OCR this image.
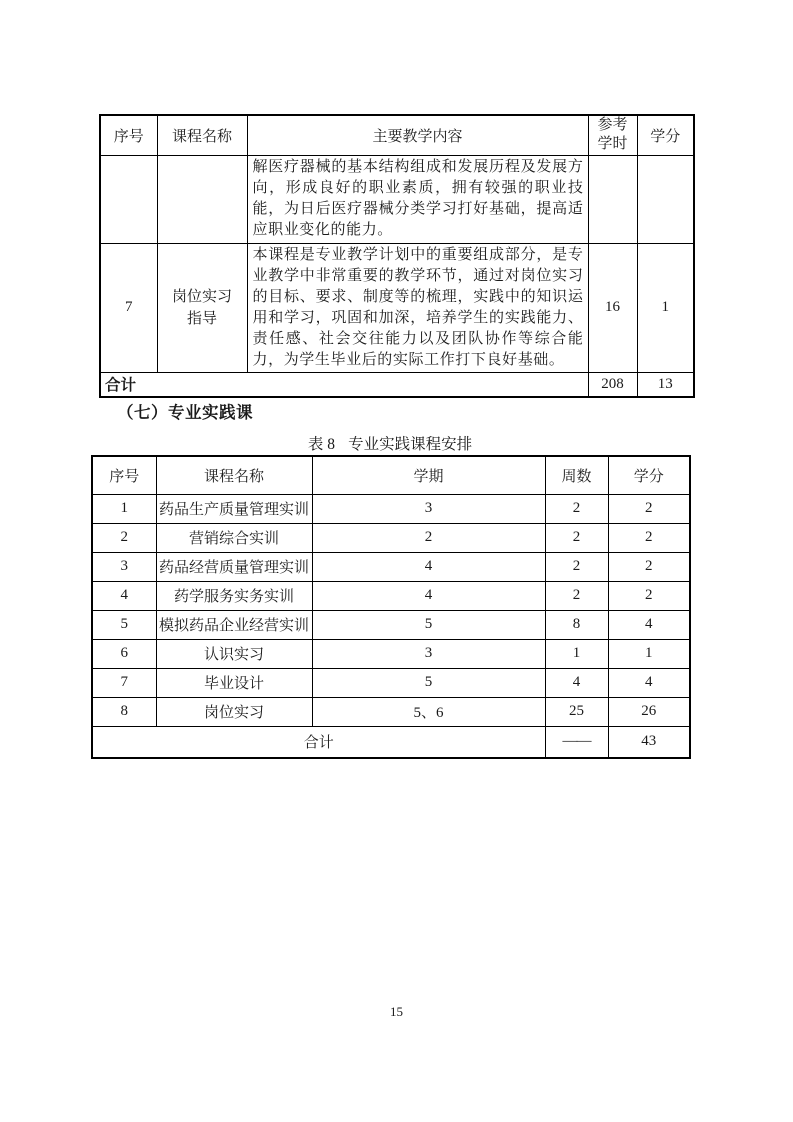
序号	课程名称	主要教学内容	参考学时	学分
		解医疗器械的基本结构组成和发展历程及发展方向，形成良好的职业素质，拥有较强的职业技能，为日后医疗器械分类学习打好基础，提高适应职业变化的能力。		
7	岗位实习指导	本课程是专业教学计划中的重要组成部分，是专业教学中非常重要的教学环节，通过对岗位实习的目标、要求、制度等的梳理，实践中的知识运用和学习，巩固和加深，培养学生的实践能力、责任感、社会交往能力以及团队协作等综合能力，为学生毕业后的实际工作打下良好基础。	16	1
合计			208	13
（七）专业实践课
表 8 专业实践课程安排
序号	课程名称	学期	周数	学分
1	药品生产质量管理实训	3	2	2
2	营销综合实训	2	2	2
3	药品经营质量管理实训	4	2	2
4	药学服务实务实训	4	2	2
5	模拟药品企业经营实训	5	8	4
6	认识实习	3	1	1
7	毕业设计	5	4	4
8	岗位实习	5、6	25	26
合计			——	43
15
